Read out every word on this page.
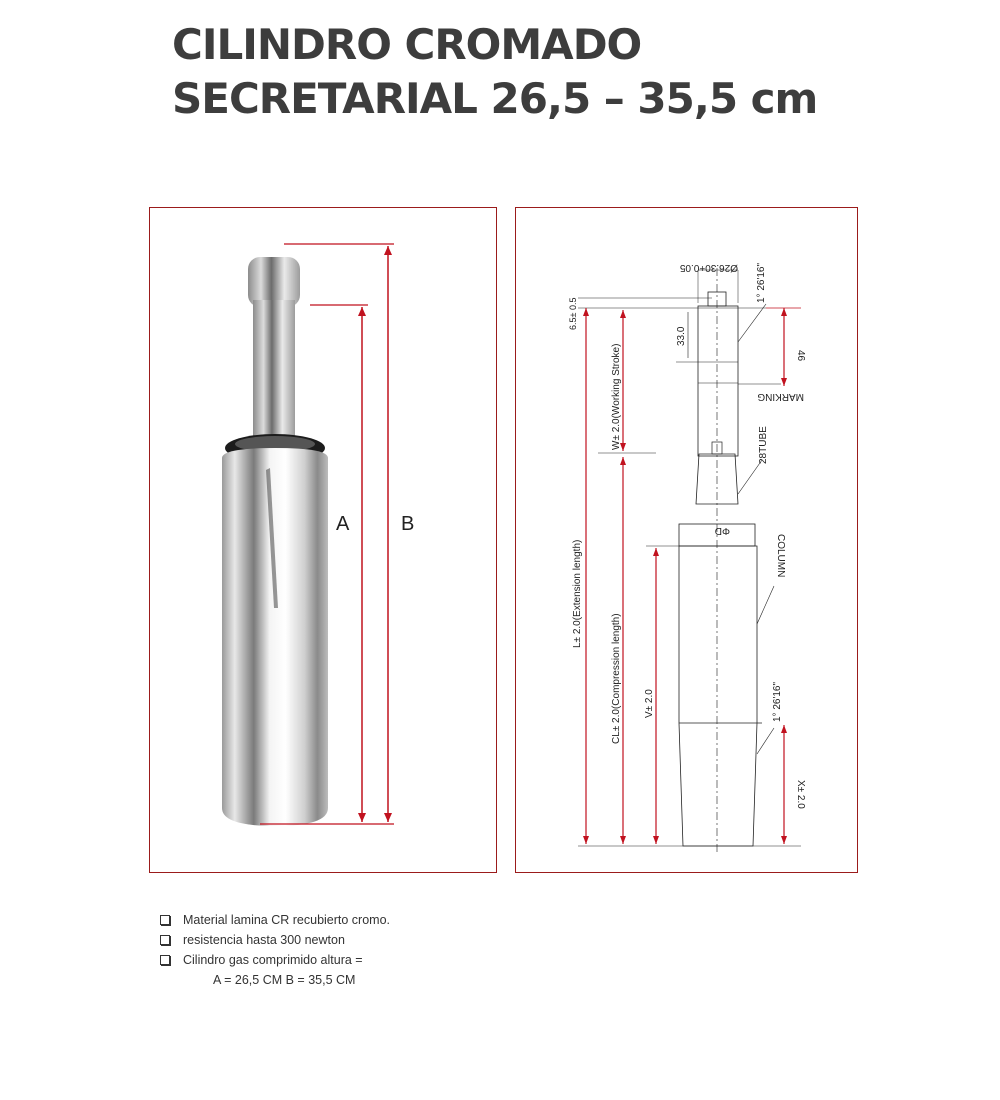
CILINDRO CROMADO
SECRETARIAL 26,5 – 35,5 cm
A	B
Ø26.30+0.05 1° 26'16"
ΦD
6.5± 0.5
33.0
46
MARKING
28TUBE
COLUMN
W± 2.0(Working Stroke)
L± 2.0(Extension length)
CL± 2.0(Compression length) V± 2.0	1° 26'16"
X± 2.0
Material lamina CR recubierto cromo.
resistencia hasta 300 newton
Cilindro gas comprimido altura =
A = 26,5 CM B = 35,5 CM
